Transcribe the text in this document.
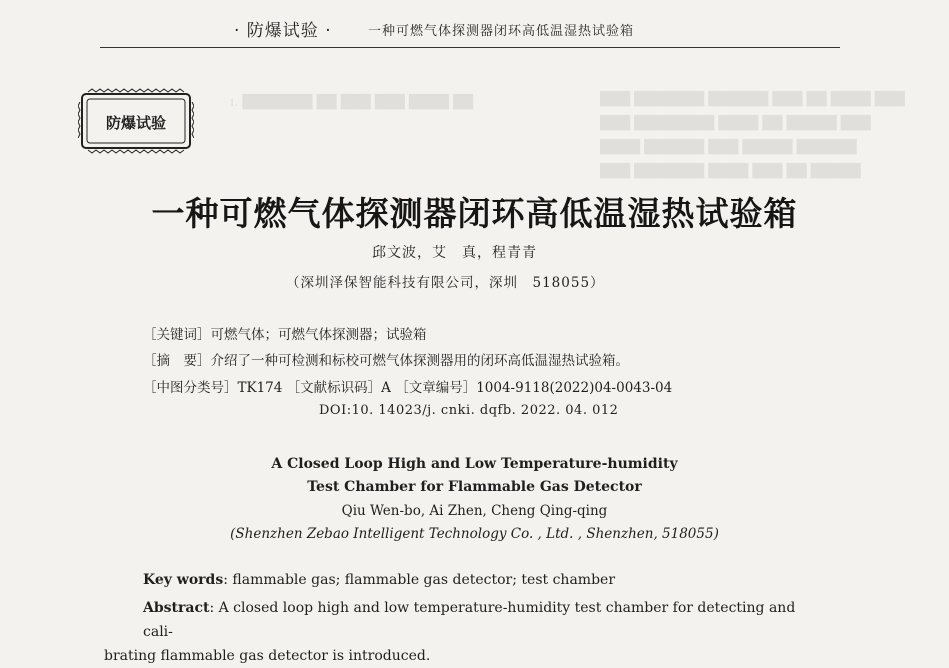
ı. ███████ ██ ███ ███ ████ ██	███ ███████ ██████ ███ ██ ████ ███
███ ████████ ████ ██ █████ ███
████ ██████ ███ █████ ██████
███ ███████ ████ ███ ██ █████
· 防爆试验 ·	一种可燃气体探测器闭环高低温湿热试验箱
防爆试验
一种可燃气体探测器闭环高低温湿热试验箱
邱文波，艾　真，程青青
（深圳泽保智能科技有限公司，深圳　518055）
［关键词］可燃气体；可燃气体探测器；试验箱
［摘　要］介绍了一种可检测和标校可燃气体探测器用的闭环高低温湿热试验箱。
［中图分类号］TK174 ［文献标识码］A ［文章编号］1004-9118(2022)04-0043-04
DOI:10. 14023/j. cnki. dqfb. 2022. 04. 012
A Closed Loop High and Low Temperature-humidity
Test Chamber for Flammable Gas Detector
Qiu Wen-bo, Ai Zhen, Cheng Qing-qing
(Shenzhen Zebao Intelligent Technology Co. , Ltd. , Shenzhen, 518055)
Key words: flammable gas; flammable gas detector; test chamber
Abstract: A closed loop high and low temperature-humidity test chamber for detecting and cali-
brating flammable gas detector is introduced.
